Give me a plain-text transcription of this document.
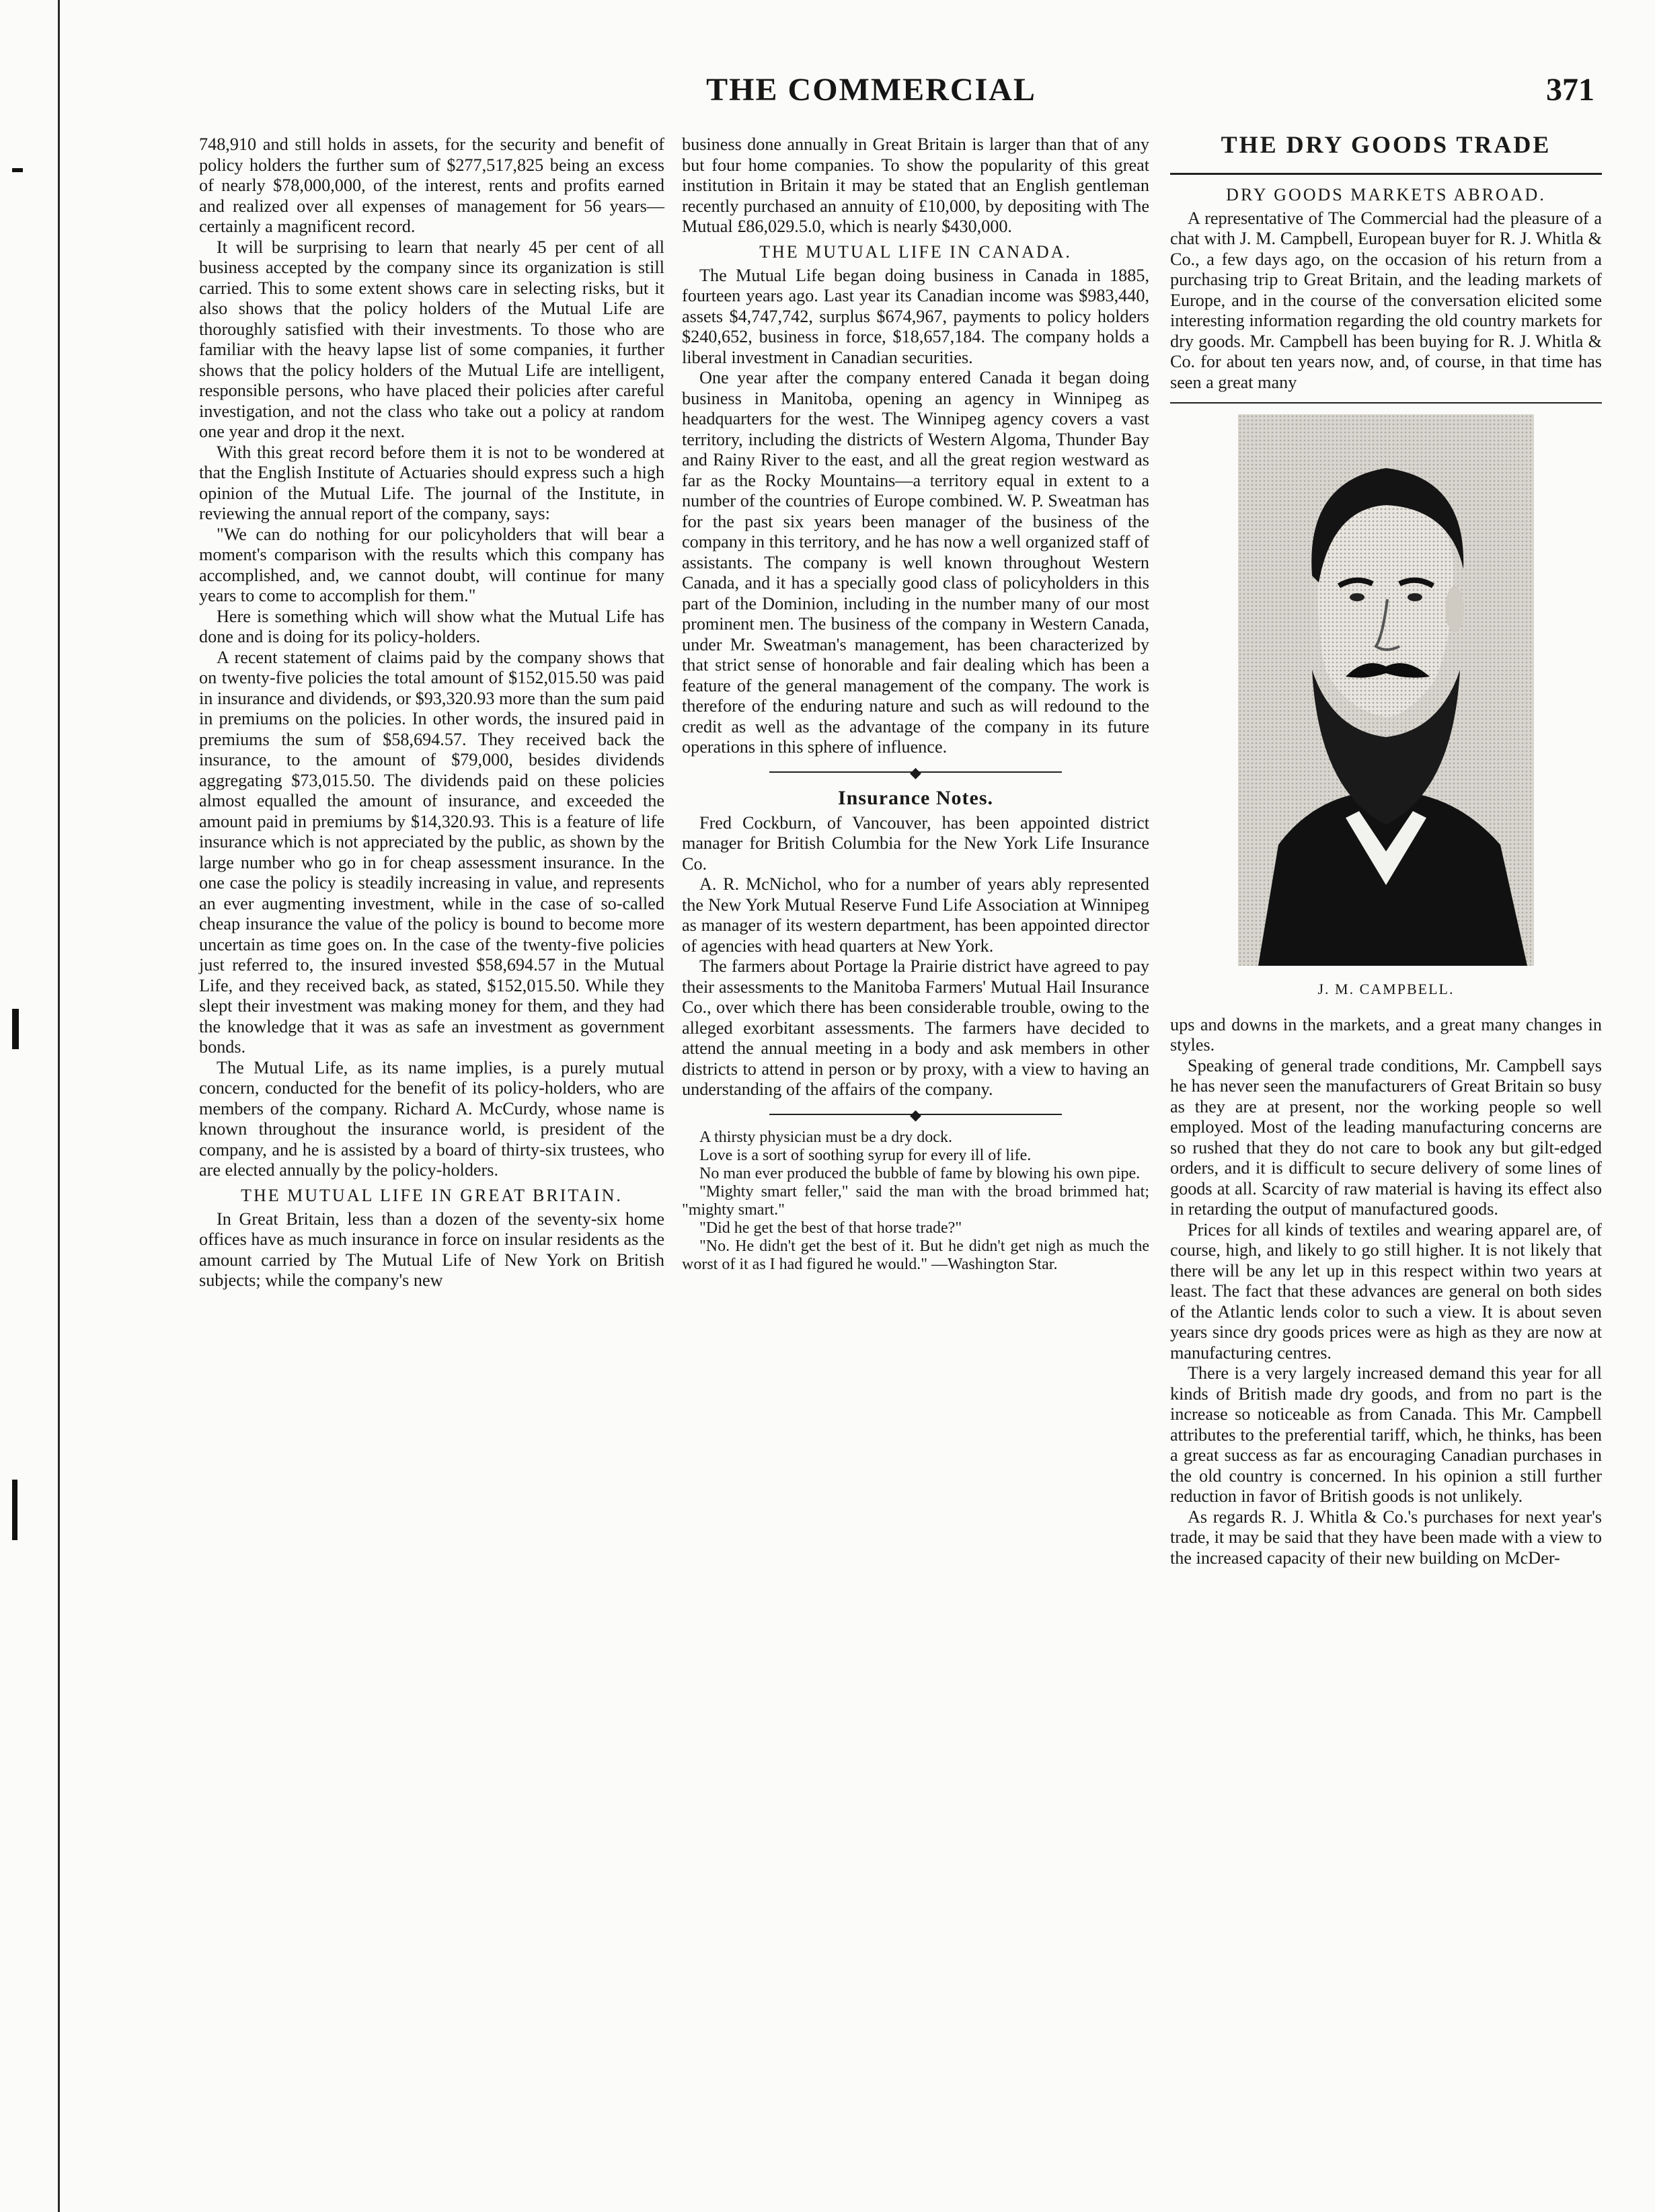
THE COMMERCIAL	371

748,910 and still holds in assets, for the security and benefit of policy holders the further sum of $277,517,825 being an excess of nearly $78,000,000, of the interest, rents and profits earned and realized over all expenses of management for 56 years—certainly a magnificent record.

It will be surprising to learn that nearly 45 per cent of all business accepted by the company since its organization is still carried. This to some extent shows care in selecting risks, but it also shows that the policy holders of the Mutual Life are thoroughly satisfied with their investments. To those who are familiar with the heavy lapse list of some companies, it further shows that the policy holders of the Mutual Life are intelligent, responsible persons, who have placed their policies after careful investigation, and not the class who take out a policy at random one year and drop it the next.

With this great record before them it is not to be wondered at that the English Institute of Actuaries should express such a high opinion of the Mutual Life. The journal of the Institute, in reviewing the annual report of the company, says:

"We can do nothing for our policyholders that will bear a moment's comparison with the results which this company has accomplished, and, we cannot doubt, will continue for many years to come to accomplish for them."

Here is something which will show what the Mutual Life has done and is doing for its policy-holders.

A recent statement of claims paid by the company shows that on twenty-five policies the total amount of $152,015.50 was paid in insurance and dividends, or $93,320.93 more than the sum paid in premiums on the policies. In other words, the insured paid in premiums the sum of $58,694.57. They received back the insurance, to the amount of $79,000, besides dividends aggregating $73,015.50. The dividends paid on these policies almost equalled the amount of insurance, and exceeded the amount paid in premiums by $14,320.93. This is a feature of life insurance which is not appreciated by the public, as shown by the large number who go in for cheap assessment insurance. In the one case the policy is steadily increasing in value, and represents an ever augmenting investment, while in the case of so-called cheap insurance the value of the policy is bound to become more uncertain as time goes on. In the case of the twenty-five policies just referred to, the insured invested $58,694.57 in the Mutual Life, and they received back, as stated, $152,015.50. While they slept their investment was making money for them, and they had the knowledge that it was as safe an investment as government bonds.

The Mutual Life, as its name implies, is a purely mutual concern, conducted for the benefit of its policy-holders, who are members of the company. Richard A. McCurdy, whose name is known throughout the insurance world, is president of the company, and he is assisted by a board of thirty-six trustees, who are elected annually by the policy-holders.

THE MUTUAL LIFE IN GREAT BRITAIN.

In Great Britain, less than a dozen of the seventy-six home offices have as much insurance in force on insular residents as the amount carried by The Mutual Life of New York on British subjects; while the company's new

business done annually in Great Britain is larger than that of any but four home companies. To show the popularity of this great institution in Britain it may be stated that an English gentleman recently purchased an annuity of £10,000, by depositing with The Mutual £86,029.5.0, which is nearly $430,000.

THE MUTUAL LIFE IN CANADA.

The Mutual Life began doing business in Canada in 1885, fourteen years ago. Last year its Canadian income was $983,440, assets $4,747,742, surplus $674,967, payments to policy holders $240,652, business in force, $18,657,184. The company holds a liberal investment in Canadian securities.

One year after the company entered Canada it began doing business in Manitoba, opening an agency in Winnipeg as headquarters for the west. The Winnipeg agency covers a vast territory, including the districts of Western Algoma, Thunder Bay and Rainy River to the east, and all the great region westward as far as the Rocky Mountains—a territory equal in extent to a number of the countries of Europe combined. W. P. Sweatman has for the past six years been manager of the business of the company in this territory, and he has now a well organized staff of assistants. The company is well known throughout Western Canada, and it has a specially good class of policyholders in this part of the Dominion, including in the number many of our most prominent men. The business of the company in Western Canada, under Mr. Sweatman's management, has been characterized by that strict sense of honorable and fair dealing which has been a feature of the general management of the company. The work is therefore of the enduring nature and such as will redound to the credit as well as the advantage of the company in its future operations in this sphere of influence.

◆
Insurance Notes.

Fred Cockburn, of Vancouver, has been appointed district manager for British Columbia for the New York Life Insurance Co.

A. R. McNichol, who for a number of years ably represented the New York Mutual Reserve Fund Life Association at Winnipeg as manager of its western department, has been appointed director of agencies with head quarters at New York.

The farmers about Portage la Prairie district have agreed to pay their assessments to the Manitoba Farmers' Mutual Hail Insurance Co., over which there has been considerable trouble, owing to the alleged exorbitant assessments. The farmers have decided to attend the annual meeting in a body and ask members in other districts to attend in person or by proxy, with a view to having an understanding of the affairs of the company.

◆

A thirsty physician must be a dry dock.

Love is a sort of soothing syrup for every ill of life.

No man ever produced the bubble of fame by blowing his own pipe.

"Mighty smart feller," said the man with the broad brimmed hat; "mighty smart."

"Did he get the best of that horse trade?"

"No. He didn't get the best of it. But he didn't get nigh as much the worst of it as I had figured he would." —Washington Star.

THE DRY GOODS TRADE
DRY GOODS MARKETS ABROAD.

A representative of The Commercial had the pleasure of a chat with J. M. Campbell, European buyer for R. J. Whitla & Co., a few days ago, on the occasion of his return from a purchasing trip to Great Britain, and the leading markets of Europe, and in the course of the conversation elicited some interesting information regarding the old country markets for dry goods. Mr. Campbell has been buying for R. J. Whitla & Co. for about ten years now, and, of course, in that time has seen a great many

J. M. CAMPBELL.

ups and downs in the markets, and a great many changes in styles.

Speaking of general trade conditions, Mr. Campbell says he has never seen the manufacturers of Great Britain so busy as they are at present, nor the working people so well employed. Most of the leading manufacturing concerns are so rushed that they do not care to book any but gilt-edged orders, and it is difficult to secure delivery of some lines of goods at all. Scarcity of raw material is having its effect also in retarding the output of manufactured goods.

Prices for all kinds of textiles and wearing apparel are, of course, high, and likely to go still higher. It is not likely that there will be any let up in this respect within two years at least. The fact that these advances are general on both sides of the Atlantic lends color to such a view. It is about seven years since dry goods prices were as high as they are now at manufacturing centres.

There is a very largely increased demand this year for all kinds of British made dry goods, and from no part is the increase so noticeable as from Canada. This Mr. Campbell attributes to the preferential tariff, which, he thinks, has been a great success as far as encouraging Canadian purchases in the old country is concerned. In his opinion a still further reduction in favor of British goods is not unlikely.

As regards R. J. Whitla & Co.'s purchases for next year's trade, it may be said that they have been made with a view to the increased capacity of their new building on McDer-
